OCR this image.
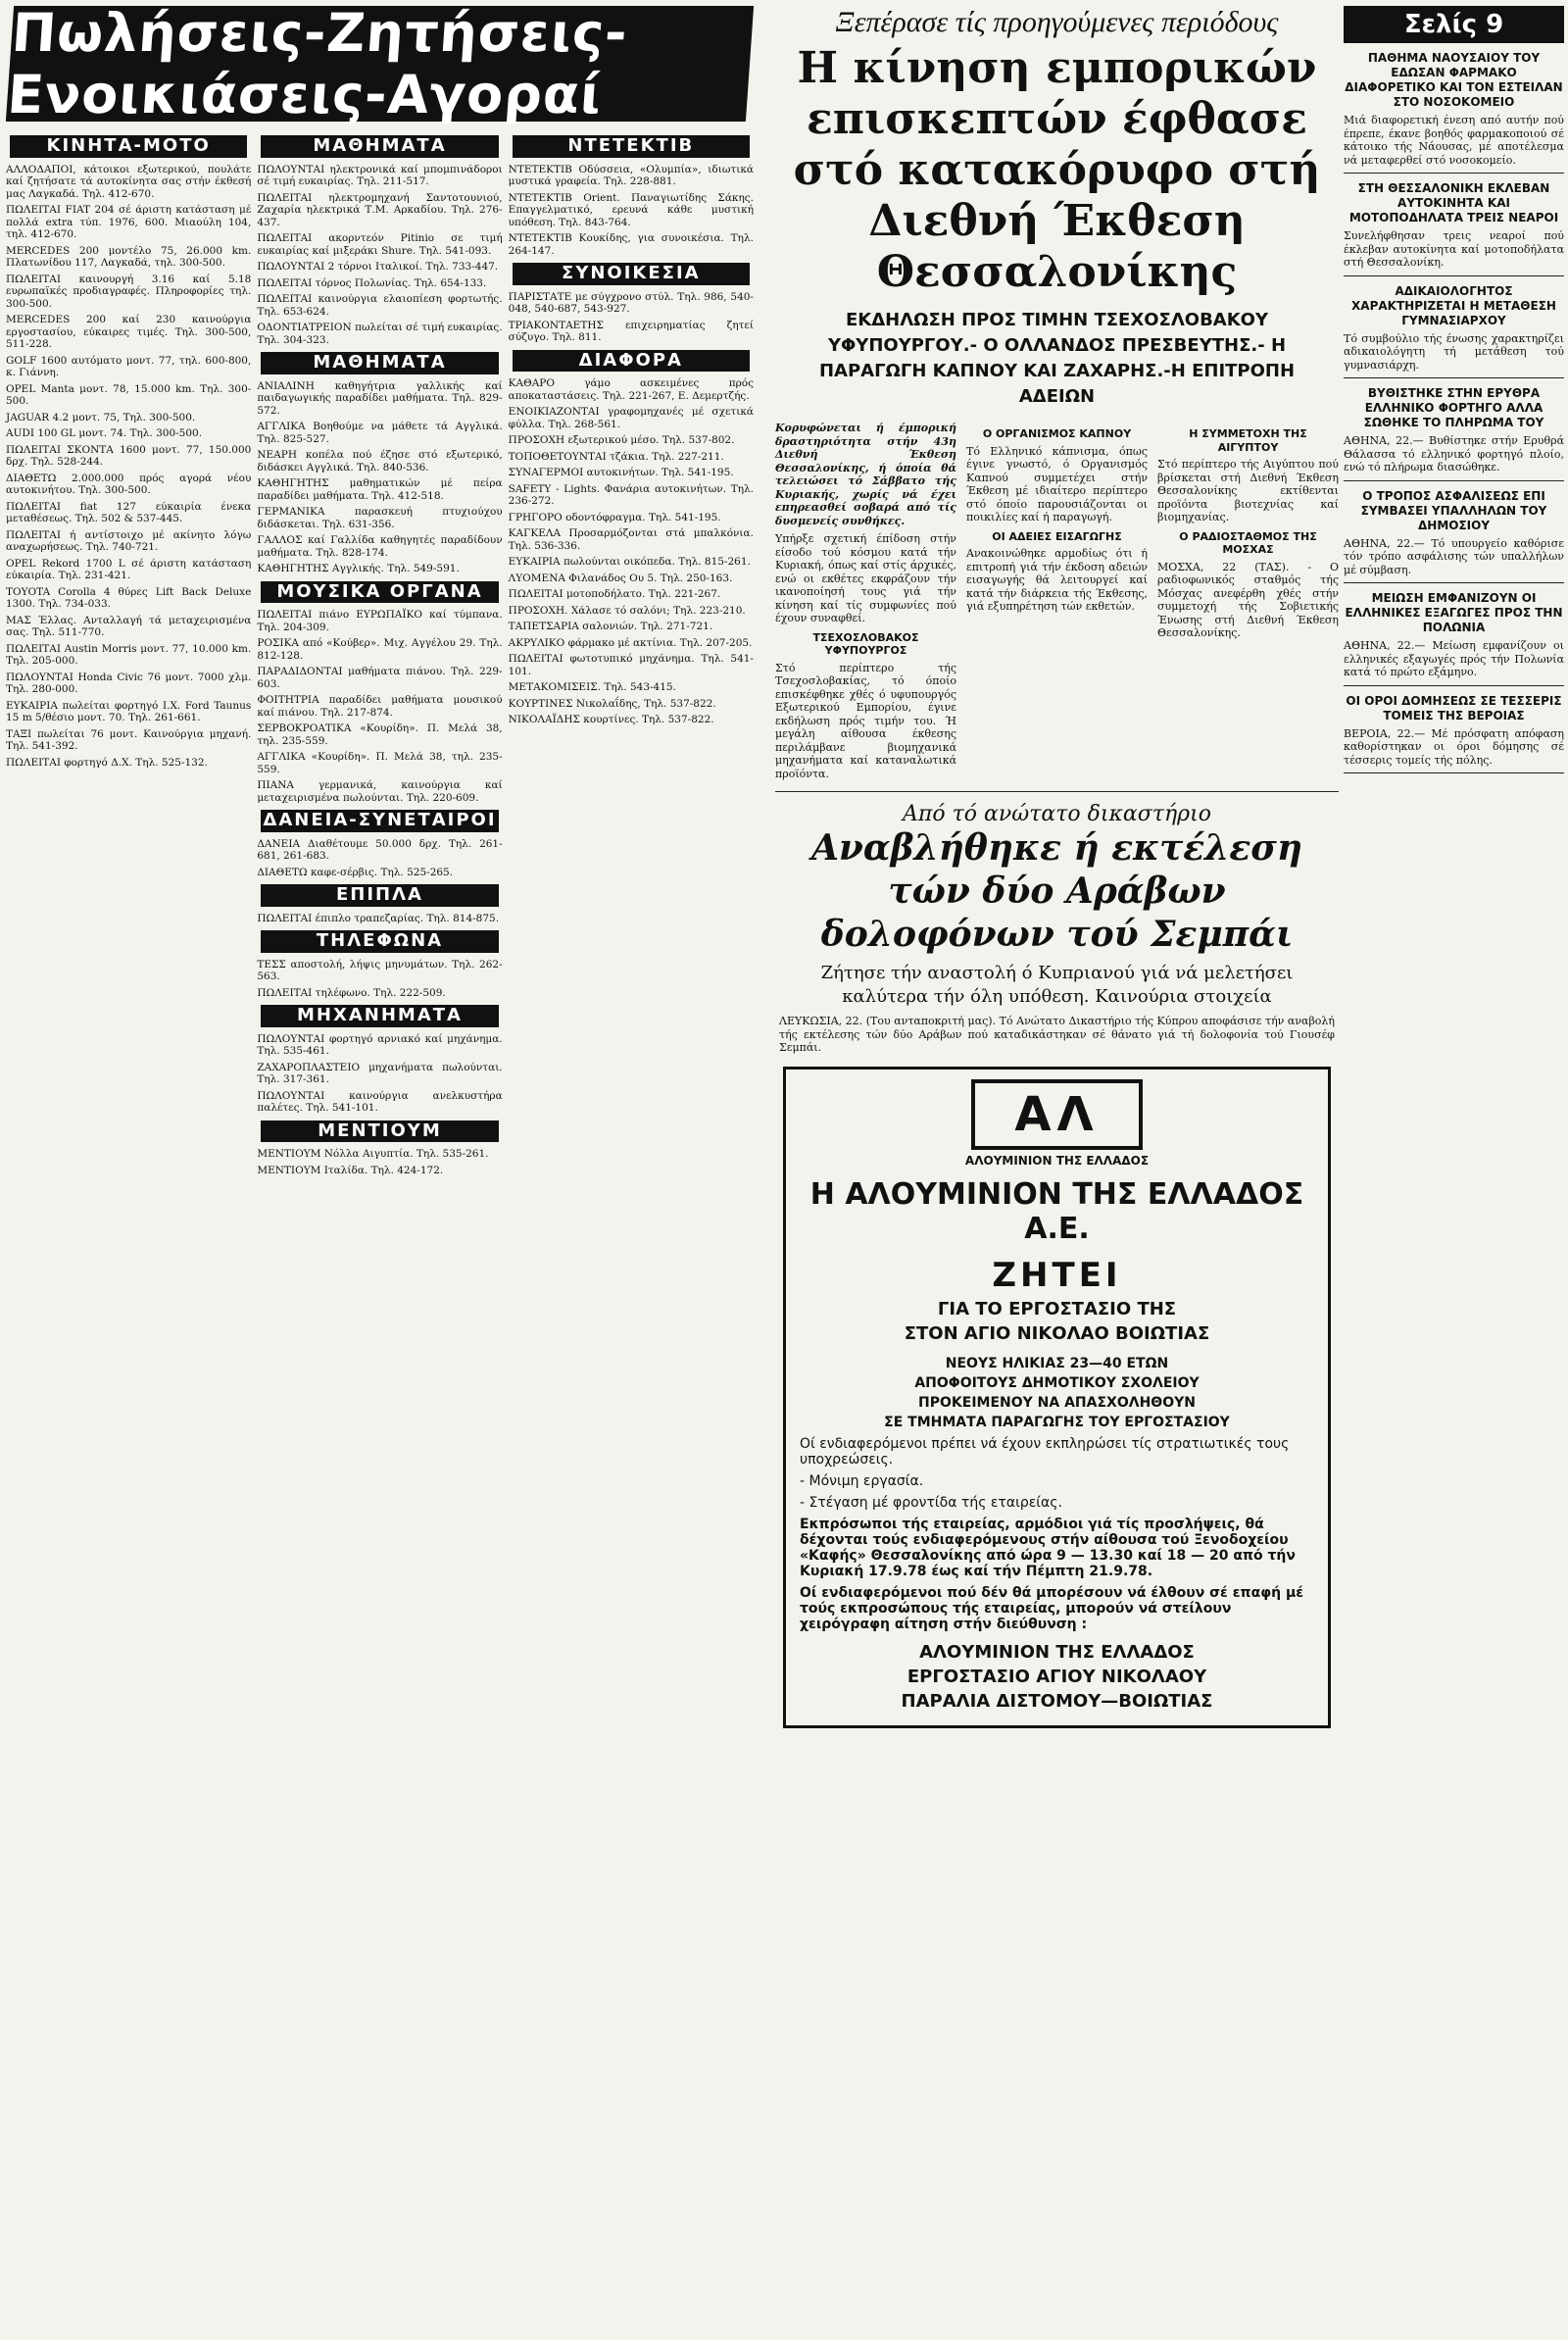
Πωλήσεις-Ζητήσεις-Ενοικιάσεις-Αγοραί
ΚΙΝΗΤΑ-ΜΟΤΟ

ΑΛΛΟΔΑΠΟΙ, κάτοικοι εξωτερικού, πουλάτε καί ζητήσατε τά αυτοκίνητα σας στήν έκθεσή μας Λαγκαδά. Τηλ. 412-670.

ΠΩΛΕΙΤΑΙ FIAT 204 σέ άριστη κατάσταση μέ πολλά extra τύπ. 1976, 600. Μιαούλη 104, τηλ. 412-670.

MERCEDES 200 μοντέλο 75, 26.000 km. Πλατωνίδου 117, Λαγκαδά, τηλ. 300-500.

ΠΩΛΕΙΤΑΙ καινουργή 3.16 καί 5.18 ευρωπαϊκές προδιαγραφές. Πληροφορίες τηλ. 300-500.

MERCEDES 200 καί 230 καινούργια εργοστασίου, εύκαιρες τιμές. Τηλ. 300-500, 511-228.

GOLF 1600 αυτόματο μοντ. 77, τηλ. 600-800, κ. Γιάννη.

OPEL Manta μοντ. 78, 15.000 km. Τηλ. 300-500.

JAGUAR 4.2 μοντ. 75, Τηλ. 300-500.

AUDI 100 GL μοντ. 74. Τηλ. 300-500.

ΠΩΛΕΙΤΑΙ ΣΚΟΝΤΑ 1600 μοντ. 77, 150.000 δρχ. Τηλ. 528-244.

ΔΙΑΘΕΤΩ 2.000.000 πρός αγορά νέου αυτοκινήτου. Τηλ. 300-500.

ΠΩΛΕΙΤΑΙ fiat 127 εύκαιρία ένεκα μεταθέσεως. Τηλ. 502 & 537-445.

ΠΩΛΕΙΤΑΙ ή αντίστοιχο μέ ακίνητο λόγω αναχωρήσεως. Τηλ. 740-721.

OPEL Rekord 1700 L σέ άριστη κατάσταση εύκαιρία. Τηλ. 231-421.

TOYOTA Corolla 4 θύρες Lift Back Deluxe 1300. Τηλ. 734-033.

ΜΑΣ Έλλας. Ανταλλαγή τά μεταχειρισμένα σας. Τηλ. 511-770.

ΠΩΛΕΙΤΑΙ Austin Morris μοντ. 77, 10.000 km. Τηλ. 205-000.

ΠΩΛΟΥΝΤΑΙ Honda Civic 76 μοντ. 7000 χλμ. Τηλ. 280-000.

ΕΥΚΑΙΡΙΑ πωλείται φορτηγό Ι.Χ. Ford Taunus 15 m 5/θέσιο μοντ. 70. Τηλ. 261-661.

ΤΑΞΙ πωλείται 76 μοντ. Καινούργια μηχανή. Τηλ. 541-392.

ΠΩΛΕΙΤΑΙ φορτηγό Δ.Χ. Τηλ. 525-132.

ΜΑΘΗΜΑΤΑ

ΠΩΛΟΥΝΤΑΙ ηλεκτρονικά καί μπομπινάδοροι σέ τιμή ευκαιρίας. Τηλ. 211-517.

ΠΩΛΕΙΤΑΙ ηλεκτρομηχανή Σαντοτουνιού, Ζαχαρία ηλεκτρικά Τ.Μ. Αρκαδίου. Τηλ. 276-437.

ΠΩΛΕΙΤΑΙ ακορντεόν Pitinio σε τιμή ευκαιρίας καί μιξεράκι Shure. Τηλ. 541-093.

ΠΩΛΟΥΝΤΑΙ 2 τόρνοι Ιταλικοί. Τηλ. 733-447.

ΠΩΛΕΙΤΑΙ τόρνος Πολωνίας. Τηλ. 654-133.

ΠΩΛΕΙΤΑΙ καινούργια ελαιοπίεση φορτωτής. Τηλ. 653-624.

ΟΔΟΝΤΙΑΤΡΕΙΟΝ πωλείται σέ τιμή ευκαιρίας. Τηλ. 304-323.

ΜΑΘΗΜΑΤΑ

ΑΝΙΑΛΙΝΗ καθηγήτρια γαλλικής καί παιδαγωγικής παραδίδει μαθήματα. Τηλ. 829-572.

ΑΓΓΛΙΚΑ Βοηθούμε να μάθετε τά Αγγλικά. Τηλ. 825-527.

ΝΕΑΡΗ κοπέλα πού έζησε στό εξωτερικό, διδάσκει Αγγλικά. Τηλ. 840-536.

ΚΑΘΗΓΗΤΗΣ μαθηματικών μέ πείρα παραδίδει μαθήματα. Τηλ. 412-518.

ΓΕΡΜΑΝΙΚΑ παρασκευή πτυχιούχου διδάσκεται. Τηλ. 631-356.

ΓΑΛΛΟΣ καί Γαλλίδα καθηγητές παραδίδουν μαθήματα. Τηλ. 828-174.

ΚΑΘΗΓΗΤΗΣ Αγγλικής. Τηλ. 549-591.

ΜΟΥΣΙΚΑ ΟΡΓΑΝΑ

ΠΩΛΕΙΤΑΙ πιάνο ΕΥΡΩΠΑΪΚΟ καί τύμπανα. Τηλ. 204-309.

ΡΟΣΙΚΑ από «Κούβερ». Μιχ. Αγγέλου 29. Τηλ. 812-128.

ΠΑΡΑΔΙΔΟΝΤΑΙ μαθήματα πιάνου. Τηλ. 229-603.

ΦΟΙΤΗΤΡΙΑ παραδίδει μαθήματα μουσικού καί πιάνου. Τηλ. 217-874.

ΣΕΡΒΟΚΡΟΑΤΙΚΑ «Κουρίδη». Π. Μελά 38, τηλ. 235-559.

ΑΓΓΛΙΚΑ «Κουρίδη». Π. Μελά 38, τηλ. 235-559.

ΠΙΑΝΑ γερμανικά, καινούργια καί μεταχειρισμένα πωλούνται. Τηλ. 220-609.

ΔΑΝΕΙΑ-ΣΥΝΕΤΑΙΡΟΙ

ΔΑΝΕΙΑ Διαθέτουμε 50.000 δρχ. Τηλ. 261-681, 261-683.

ΔΙΑΘΕΤΩ καφε-σέρβις. Τηλ. 525-265.

ΕΠΙΠΛΑ

ΠΩΛΕΙΤΑΙ έπιπλο τραπεζαρίας. Τηλ. 814-875.

ΤΗΛΕΦΩΝΑ

ΤΕΣΣ αποστολή, λήψις μηνυμάτων. Τηλ. 262-563.

ΠΩΛΕΙΤΑΙ τηλέφωνο. Τηλ. 222-509.

ΜΗΧΑΝΗΜΑΤΑ

ΠΩΛΟΥΝΤΑΙ φορτηγό αρνιακό καί μηχάνημα. Τηλ. 535-461.

ΖΑΧΑΡΟΠΛΑΣΤΕΙΟ μηχανήματα πωλούνται. Τηλ. 317-361.

ΠΩΛΟΥΝΤΑΙ καινούργια ανελκυστήρα παλέτες. Τηλ. 541-101.

ΜΕΝΤΙΟΥΜ

ΜΕΝΤΙΟΥΜ Νόλλα Αιγυπτία. Τηλ. 535-261.

ΜΕΝΤΙΟΥΜ Ιταλίδα. Τηλ. 424-172.

ΝΤΕΤΕΚΤΙΒ

ΝΤΕΤΕΚΤΙΒ Οδύσσεια, «Ολυμπία», ιδιωτικά μυστικά γραφεία. Τηλ. 228-881.

ΝΤΕΤΕΚΤΙΒ Orient. Παναγιωτίδης Σάκης. Επαγγελματικό, ερευνά κάθε μυστική υπόθεση. Τηλ. 843-764.

ΝΤΕΤΕΚΤΙΒ Κουκίδης, για συνοικέσια. Τηλ. 264-147.

ΣΥΝΟΙΚΕΣΙΑ

ΠΑΡΙΣΤΑΤΕ με σύγχρονο στύλ. Τηλ. 986, 540-048, 540-687, 543-927.

ΤΡΙΑΚΟΝΤΑΕΤΗΣ επιχειρηματίας ζητεί σύζυγο. Τηλ. 811.

ΔΙΑΦΟΡΑ

ΚΑΘΑΡΟ γάμο ασκειμένες πρός αποκαταστάσεις. Τηλ. 221-267, Ε. Δεμερτζής.

ΕΝΟΙΚΙΑΖΟΝΤΑΙ γραφομηχανές μέ σχετικά φύλλα. Τηλ. 268-561.

ΠΡΟΣΟΧΗ εξωτερικού μέσο. Τηλ. 537-802.

ΤΟΠΟΘΕΤΟΥΝΤΑΙ τζάκια. Τηλ. 227-211.

ΣΥΝΑΓΕΡΜΟΙ αυτοκινήτων. Τηλ. 541-195.

SAFETY - Lights. Φανάρια αυτοκινήτων. Τηλ. 236-272.

ΓΡΗΓΟΡΟ οδοντόφραγμα. Τηλ. 541-195.

ΚΑΓΚΕΛΑ Προσαρμόζονται στά μπαλκόνια. Τηλ. 536-336.

ΕΥΚΑΙΡΙΑ πωλούνται οικόπεδα. Τηλ. 815-261.

ΛΥΟΜΕΝΑ Φιλανάδος Ου 5. Τηλ. 250-163.

ΠΩΛΕΙΤΑΙ μοτοποδήλατο. Τηλ. 221-267.

ΠΡΟΣΟΧΗ. Χάλασε τό σαλόνι; Τηλ. 223-210.

ΤΑΠΕΤΣΑΡΙΑ σαλονιών. Τηλ. 271-721.

ΑΚΡΥΛΙΚΟ φάρμακο μέ ακτίνια. Τηλ. 207-205.

ΠΩΛΕΙΤΑΙ φωτοτυπικό μηχάνημα. Τηλ. 541-101.

ΜΕΤΑΚΟΜΙΣΕΙΣ. Τηλ. 543-415.

ΚΟΥΡΤΙΝΕΣ Νικολαΐδης, Τηλ. 537-822.

ΝΙΚΟΛΑΪΔΗΣ κουρτίνες. Τηλ. 537-822.

Ξεπέρασε τίς προηγούμενες περιόδους
Η κίνηση εμπορικών επισκεπτών έφθασε στό κατακόρυφο στή Διεθνή Έκθεση Θεσσαλονίκης
ΕΚΔΗΛΩΣΗ ΠΡΟΣ ΤΙΜΗΝ ΤΣΕΧΟΣΛΟΒΑΚΟΥ ΥΦΥΠΟΥΡΓΟΥ.- Ο ΟΛΛΑΝΔΟΣ ΠΡΕΣΒΕΥΤΗΣ.- Η ΠΑΡΑΓΩΓΗ ΚΑΠΝΟΥ ΚΑΙ ΖΑΧΑΡΗΣ.-Η ΕΠΙΤΡΟΠΗ ΑΔΕΙΩΝ

Κορυφώνεται ή έμπορική δραστηριότητα στήν 43η Διεθνή Έκθεση Θεσσαλονίκης, ή όποία θά τελειώσει τό Σάββατο τής Κυριακής, χωρίς νά έχει επηρεασθεί σοβαρά από τίς δυσμενείς συνθήκες.

Υπήρξε σχετική έπίδοση στήν είσοδο τού κόσμου κατά τήν Κυριακή, όπως καί στίς άρχικές, ενώ οι εκθέτες εκφράζουν τήν ικανοποίησή τους γιά τήν κίνηση καί τίς συμφωνίες πού έχουν συναφθεί.

ΤΣΕΧΟΣΛΟΒΑΚΟΣ ΥΦΥΠΟΥΡΓΟΣ

Στό περίπτερο τής Τσεχοσλοβακίας, τό όποίο επισκέφθηκε χθές ό υφυπουργός Εξωτερικού Εμπορίου, έγινε εκδήλωση πρός τιμήν του. Ή μεγάλη αίθουσα έκθεσης περιλάμβανε βιομηχανικά μηχανήματα καί καταναλωτικά προϊόντα.

Ο ΟΡΓΑΝΙΣΜΟΣ ΚΑΠΝΟΥ

Τό Ελληνικό κάπνισμα, όπως έγινε γνωστό, ό Οργανισμός Καπνού συμμετέχει στήν Έκθεση μέ ιδιαίτερο περίπτερο στό όποίο παρουσιάζονται οι ποικιλίες καί ή παραγωγή.

ΟΙ ΑΔΕΙΕΣ ΕΙΣΑΓΩΓΗΣ

Ανακοινώθηκε αρμοδίως ότι ή επιτροπή γιά τήν έκδοση αδειών εισαγωγής θά λειτουργεί καί κατά τήν διάρκεια τής Έκθεσης, γιά εξυπηρέτηση τών εκθετών.

Η ΣΥΜΜΕΤΟΧΗ ΤΗΣ ΑΙΓΥΠΤΟΥ

Στό περίπτερο τής Αιγύπτου πού βρίσκεται στή Διεθνή Έκθεση Θεσσαλονίκης εκτίθενται προϊόντα βιοτεχνίας καί βιομηχανίας.

Ο ΡΑΔΙΟΣΤΑΘΜΟΣ ΤΗΣ ΜΟΣΧΑΣ

ΜΟΣΧΑ, 22 (ΤΑΣ). - Ο ραδιοφωνικός σταθμός τής Μόσχας ανεφέρθη χθές στήν συμμετοχή τής Σοβιετικής Ένωσης στή Διεθνή Έκθεση Θεσσαλονίκης.

Από τό ανώτατο δικαστήριο
Αναβλήθηκε ή εκτέλεση τών δύο Αράβων δολοφόνων τού Σεμπάι
Ζήτησε τήν αναστολή ό Κυπριανού γιά νά μελετήσει καλύτερα τήν όλη υπόθεση. Καινούρια στοιχεία

ΛΕΥΚΩΣΙΑ, 22. (Του ανταποκριτή μας). Τό Ανώτατο Δικαστήριο τής Κύπρου αποφάσισε τήν αναβολή τής εκτέλεσης τών δύο Αράβων πού καταδικάστηκαν σέ θάνατο γιά τή δολοφονία τού Γιουσέφ Σεμπάι.

ΑΛ
ΑΛΟΥΜΙΝΙΟΝ ΤΗΣ ΕΛΛΑΔΟΣ
Η ΑΛΟΥΜΙΝΙΟΝ ΤΗΣ ΕΛΛΑΔΟΣ Α.Ε.
ΖΗΤΕΙ
ΓΙΑ ΤΟ ΕΡΓΟΣΤΑΣΙΟ ΤΗΣ
ΣΤΟΝ ΑΓΙΟ ΝΙΚΟΛΑΟ ΒΟΙΩΤΙΑΣ
ΝΕΟΥΣ ΗΛΙΚΙΑΣ 23—40 ΕΤΩΝ
ΑΠΟΦΟΙΤΟΥΣ ΔΗΜΟΤΙΚΟΥ ΣΧΟΛΕΙΟΥ
ΠΡΟΚΕΙΜΕΝΟΥ ΝΑ ΑΠΑΣΧΟΛΗΘΟΥΝ
ΣΕ ΤΜΗΜΑΤΑ ΠΑΡΑΓΩΓΗΣ ΤΟΥ ΕΡΓΟΣΤΑΣΙΟΥ
Οί ενδιαφερόμενοι πρέπει νά έχουν εκπληρώσει τίς στρατιωτικές τους υποχρεώσεις.
- Μόνιμη εργασία.
- Στέγαση μέ φροντίδα τής εταιρείας.
Εκπρόσωποι τής εταιρείας, αρμόδιοι γιά τίς προσλήψεις, θά δέχονται τούς ενδιαφερόμενους στήν αίθουσα τού Ξενοδοχείου «Καφής» Θεσσαλονίκης από ώρα 9 — 13.30 καί 18 — 20 από τήν Κυριακή 17.9.78 έως καί τήν Πέμπτη 21.9.78.
Οί ενδιαφερόμενοι πού δέν θά μπορέσουν νά έλθουν σέ επαφή μέ τούς εκπροσώπους τής εταιρείας, μπορούν νά στείλουν χειρόγραφη αίτηση στήν διεύθυνση :
ΑΛΟΥΜΙΝΙΟΝ ΤΗΣ ΕΛΛΑΔΟΣ
ΕΡΓΟΣΤΑΣΙΟ ΑΓΙΟΥ ΝΙΚΟΛΑΟΥ
ΠΑΡΑΛΙΑ ΔΙΣΤΟΜΟΥ—ΒΟΙΩΤΙΑΣ
Σελίς 9
ΠΑΘΗΜΑ ΝΑΟΥΣΑΙΟΥ ΤΟΥ ΕΔΩΣΑΝ ΦΑΡΜΑΚΟ ΔΙΑΦΟΡΕΤΙΚΟ ΚΑΙ ΤΟΝ ΕΣΤΕΙΛΑΝ ΣΤΟ ΝΟΣΟΚΟΜΕΙΟ

Μιά διαφορετική ένεση από αυτήν πού έπρεπε, έκανε βοηθός φαρμακοποιού σέ κάτοικο τής Νάουσας, μέ αποτέλεσμα νά μεταφερθεί στό νοσοκομείο.

ΣΤΗ ΘΕΣΣΑΛΟΝΙΚΗ ΕΚΛΕΒΑΝ ΑΥΤΟΚΙΝΗΤΑ ΚΑΙ ΜΟΤΟΠΟΔΗΛΑΤΑ ΤΡΕΙΣ ΝΕΑΡΟΙ

Συνελήφθησαν τρεις νεαροί πού έκλεβαν αυτοκίνητα καί μοτοποδήλατα στή Θεσσαλονίκη.

ΑΔΙΚΑΙΟΛΟΓΗΤΟΣ ΧΑΡΑΚΤΗΡΙΖΕΤΑΙ Η ΜΕΤΑΘΕΣΗ ΓΥΜΝΑΣΙΑΡΧΟΥ

Τό συμβούλιο τής ένωσης χαρακτηρίζει αδικαιολόγητη τή μετάθεση τού γυμνασιάρχη.

ΒΥΘΙΣΤΗΚΕ ΣΤΗΝ ΕΡΥΘΡΑ ΕΛΛΗΝΙΚΟ ΦΟΡΤΗΓΟ ΑΛΛΑ ΣΩΘΗΚΕ ΤΟ ΠΛΗΡΩΜΑ ΤΟΥ

ΑΘΗΝΑ, 22.— Βυθίστηκε στήν Ερυθρά Θάλασσα τό ελληνικό φορτηγό πλοίο, ενώ τό πλήρωμα διασώθηκε.

Ο ΤΡΟΠΟΣ ΑΣΦΑΛΙΣΕΩΣ ΕΠΙ ΣΥΜΒΑΣΕΙ ΥΠΑΛΛΗΛΩΝ ΤΟΥ ΔΗΜΟΣΙΟΥ

ΑΘΗΝΑ, 22.— Τό υπουργείο καθόρισε τόν τρόπο ασφάλισης τών υπαλλήλων μέ σύμβαση.

ΜΕΙΩΣΗ ΕΜΦΑΝΙΖΟΥΝ ΟΙ ΕΛΛΗΝΙΚΕΣ ΕΞΑΓΩΓΕΣ ΠΡΟΣ ΤΗΝ ΠΟΛΩΝΙΑ

ΑΘΗΝΑ, 22.— Μείωση εμφανίζουν οι ελληνικές εξαγωγές πρός τήν Πολωνία κατά τό πρώτο εξάμηνο.

ΟΙ ΟΡΟΙ ΔΟΜΗΣΕΩΣ ΣΕ ΤΕΣΣΕΡΙΣ ΤΟΜΕΙΣ ΤΗΣ ΒΕΡΟΙΑΣ

ΒΕΡΟΙΑ, 22.— Μέ πρόσφατη απόφαση καθορίστηκαν οι όροι δόμησης σέ τέσσερις τομείς τής πόλης.
